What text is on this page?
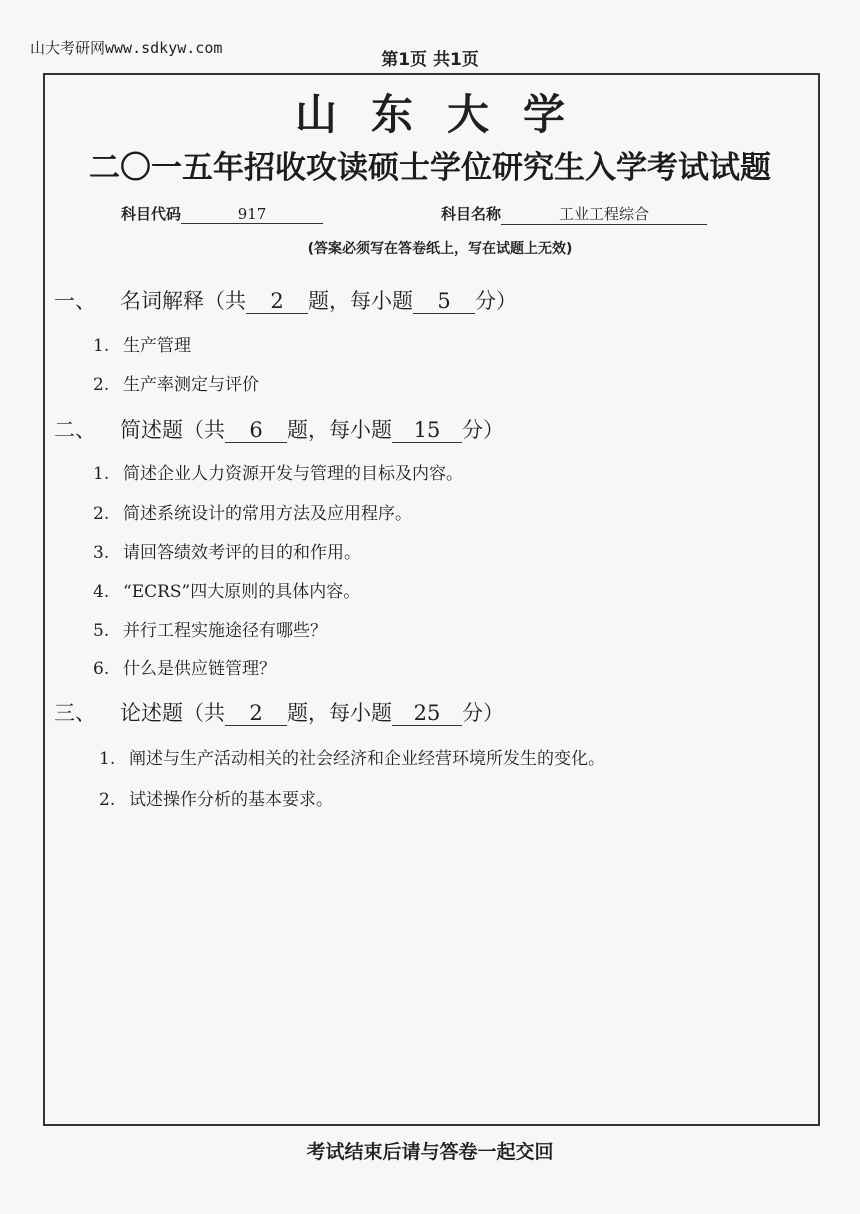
山大考研网www.sdkyw.com
第1页 共1页
山东大学
二〇一五年招收攻读硕士学位研究生入学考试试题
科目代码	917	科目名称	工业工程综合
(答案必须写在答卷纸上，写在试题上无效)
一、 名词解释（共 2 题，每小题 5 分）
1. 生产管理
2. 生产率测定与评价
二、 简述题（共 6 题，每小题 15 分）
1. 简述企业人力资源开发与管理的目标及内容。
2. 简述系统设计的常用方法及应用程序。
3. 请回答绩效考评的目的和作用。
4. “ECRS”四大原则的具体内容。
5. 并行工程实施途径有哪些？
6. 什么是供应链管理？
三、 论述题（共 2 题，每小题 25 分）
1. 阐述与生产活动相关的社会经济和企业经营环境所发生的变化。
2. 试述操作分析的基本要求。
考试结束后请与答卷一起交回
